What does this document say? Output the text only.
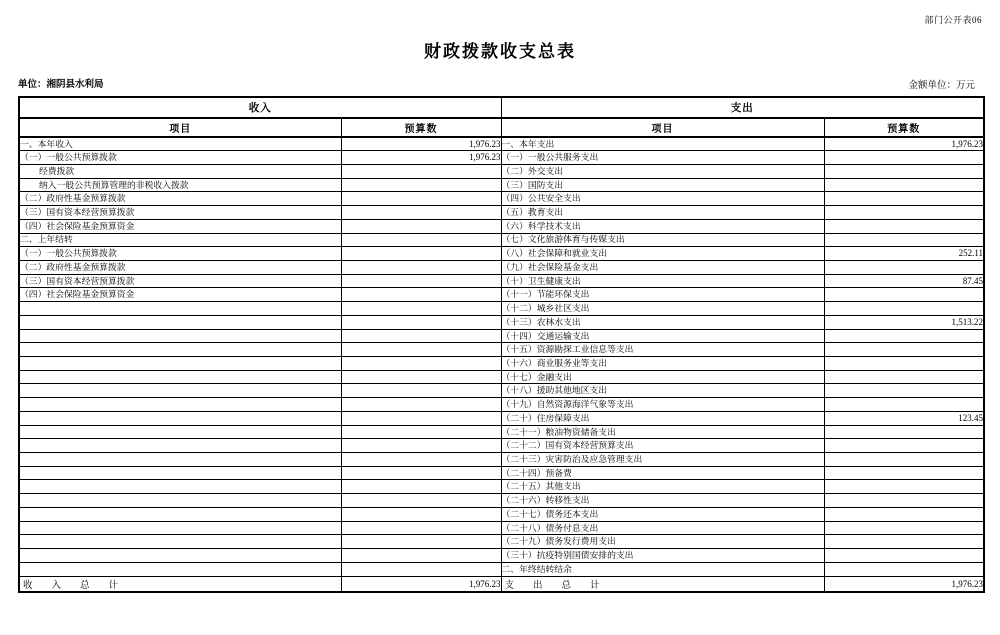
部门公开表06
财政拨款收支总表
单位：湘阴县水利局	金额单位：万元
收入		支出	
项目	预算数	项目	预算数
一、本年收入	1,976.23	一、本年支出	1,976.23
（一）一般公共预算拨款	1,976.23	（一）一般公共服务支出	
经费拨款		（二）外交支出	
纳入一般公共预算管理的非税收入拨款		（三）国防支出	
（二）政府性基金预算拨款		（四）公共安全支出	
（三）国有资本经营预算拨款		（五）教育支出	
（四）社会保险基金预算资金		（六）科学技术支出	
二、上年结转		（七）文化旅游体育与传媒支出	
（一）一般公共预算拨款		（八）社会保障和就业支出	252.11
（二）政府性基金预算拨款		（九）社会保险基金支出	
（三）国有资本经营预算拨款		（十）卫生健康支出	87.45
（四）社会保险基金预算资金		（十一）节能环保支出	
		（十二）城乡社区支出	
		（十三）农林水支出	1,513.22
		（十四）交通运输支出	
		（十五）资源勘探工业信息等支出	
		（十六）商业服务业等支出	
		（十七）金融支出	
		（十八）援助其他地区支出	
		（十九）自然资源海洋气象等支出	
		（二十）住房保障支出	123.45
		（二十一）粮油物资储备支出	
		（二十二）国有资本经营预算支出	
		（二十三）灾害防治及应急管理支出	
		（二十四）预备费	
		（二十五）其他支出	
		（二十六）转移性支出	
		（二十七）债务还本支出	
		（二十八）债务付息支出	
		（二十九）债务发行费用支出	
		（三十）抗疫特别国债安排的支出	
		二、年终结转结余	
收　　入　　总　　计	1,976.23	支　　出　　总　　计	1,976.23
